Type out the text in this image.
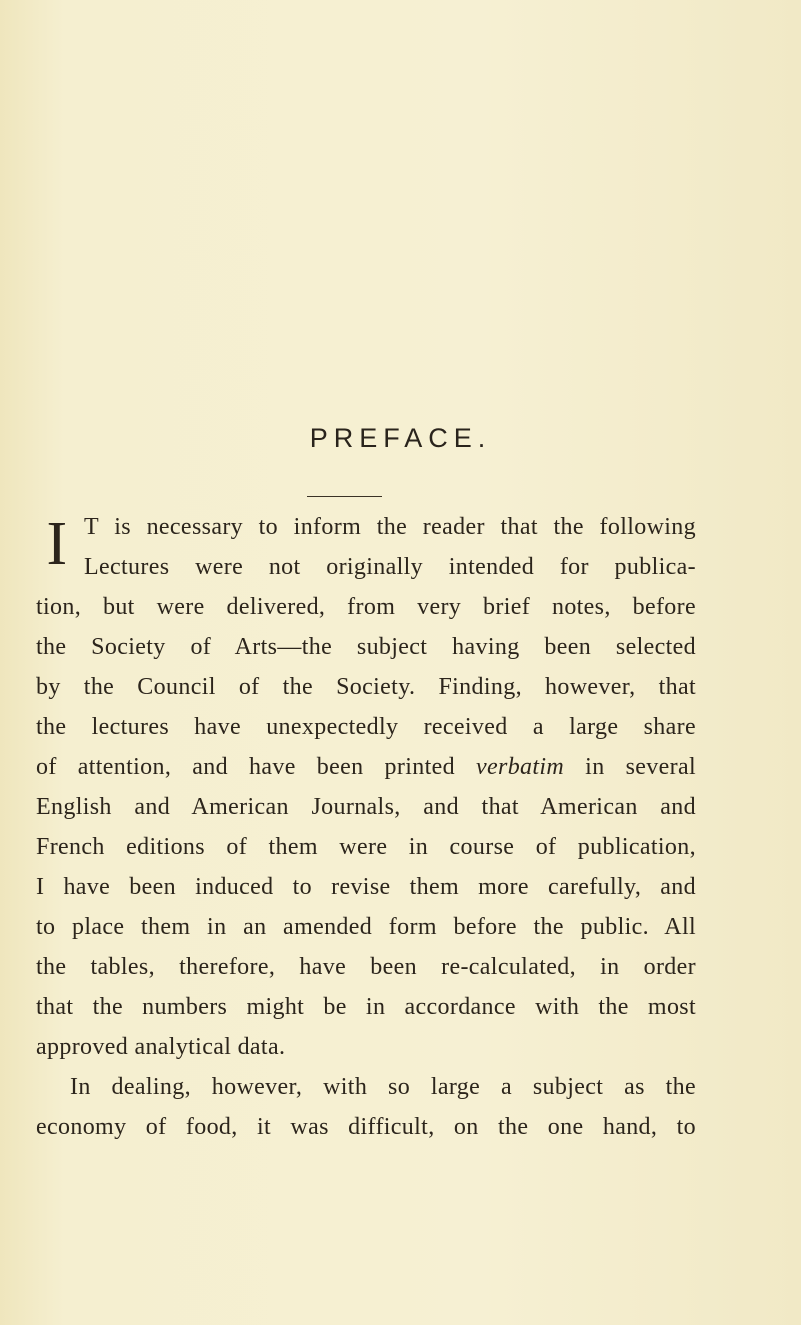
PREFACE.
I T is necessary to inform the reader that the following
Lectures were not originally intended for publica-
tion, but were delivered, from very brief notes, before
the Society of Arts—the subject having been selected
by the Council of the Society. Finding, however, that
the lectures have unexpectedly received a large share
of attention, and have been printed verbatim in several
English and American Journals, and that American and
French editions of them were in course of publication,
I have been induced to revise them more carefully, and
to place them in an amended form before the public. All
the tables, therefore, have been re-calculated, in order
that the numbers might be in accordance with the most
approved analytical data.
In dealing, however, with so large a subject as the
economy of food, it was difficult, on the one hand, to
